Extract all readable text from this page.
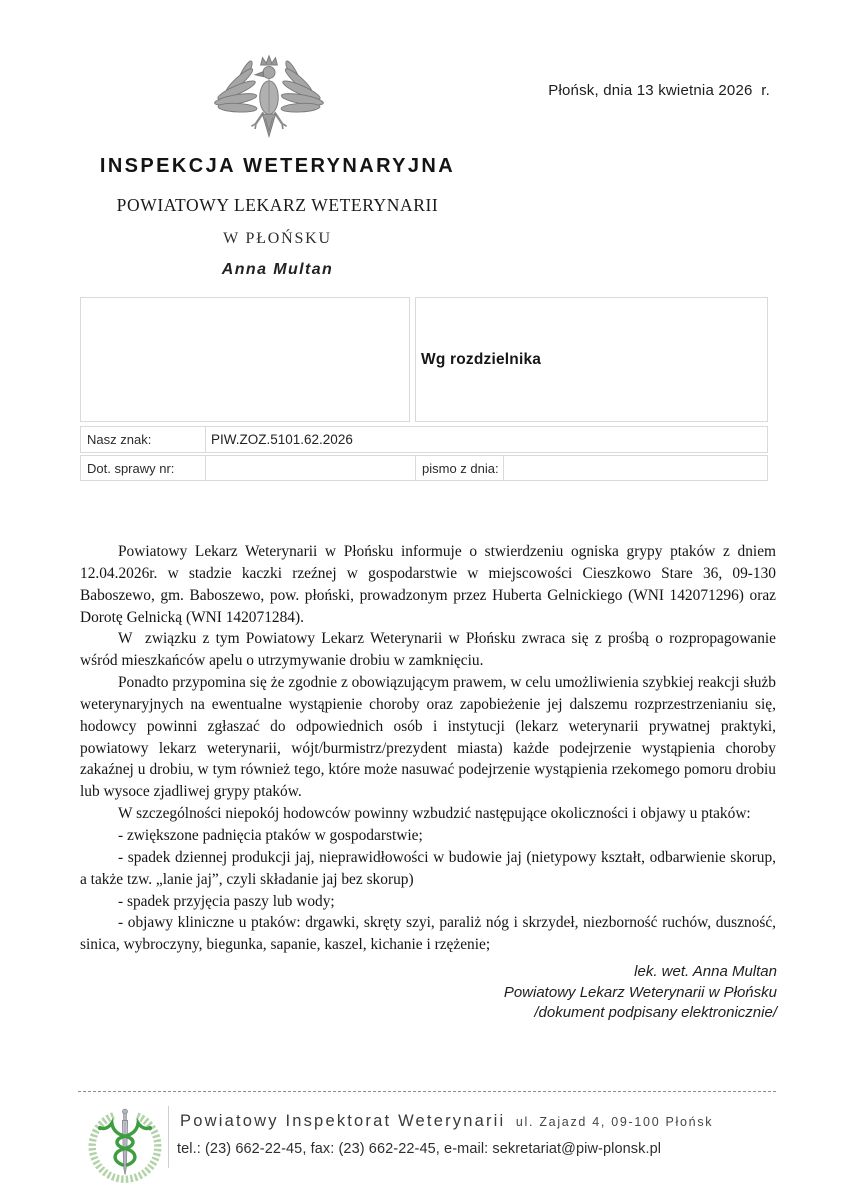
Płońsk, dnia 13 kwietnia 2026  r.
INSPEKCJA WETERYNARYJNA
POWIATOWY LEKARZ WETERYNARII
W PŁOŃSKU
Anna Multan
Wg rozdzielnika
Nasz znak:	PIW.ZOZ.5101.62.2026
Dot. sprawy nr:	pismo z dnia:

Powiatowy Lekarz Weterynarii w Płońsku informuje o stwierdzeniu ogniska grypy ptaków z dniem 12.04.2026r. w stadzie kaczki rzeźnej w gospodarstwie w miejscowości Cieszkowo Stare 36, 09-130 Baboszewo, gm. Baboszewo, pow. płoński, prowadzonym przez Huberta Gelnickiego (WNI 142071296) oraz Dorotę Gelnicką (WNI 142071284).

W  związku z tym Powiatowy Lekarz Weterynarii w Płońsku zwraca się z prośbą o rozpropagowanie wśród mieszkańców apelu o utrzymywanie drobiu w zamknięciu.

Ponadto przypomina się że zgodnie z obowiązującym prawem, w celu umożliwienia szybkiej reakcji służb weterynaryjnych na ewentualne wystąpienie choroby oraz zapobieżenie jej dalszemu rozprzestrzenianiu się, hodowcy powinni zgłaszać do odpowiednich osób i instytucji (lekarz weterynarii prywatnej praktyki, powiatowy lekarz weterynarii, wójt/burmistrz/prezydent miasta) każde podejrzenie wystąpienia choroby zakaźnej u drobiu, w tym również tego, które może nasuwać podejrzenie wystąpienia rzekomego pomoru drobiu lub wysoce zjadliwej grypy ptaków.

W szczególności niepokój hodowców powinny wzbudzić następujące okoliczności i objawy u ptaków:

- zwiększone padnięcia ptaków w gospodarstwie;

- spadek dziennej produkcji jaj, nieprawidłowości w budowie jaj (nietypowy kształt, odbarwienie skorup, a także tzw. „lanie jaj”, czyli składanie jaj bez skorup)

- spadek przyjęcia paszy lub wody;

- objawy kliniczne u ptaków: drgawki, skręty szyi, paraliż nóg i skrzydeł, niezborność ruchów, duszność, sinica, wybroczyny, biegunka, sapanie, kaszel, kichanie i rzężenie;

lek. wet. Anna Multan
Powiatowy Lekarz Weterynarii w Płońsku
/dokument podpisany elektronicznie/
Powiatowy Inspektorat Weterynarii ul. Zajazd 4, 09-100 Płońsk
tel.: (23) 662-22-45, fax: (23) 662-22-45, e-mail: sekretariat@piw-plonsk.pl
